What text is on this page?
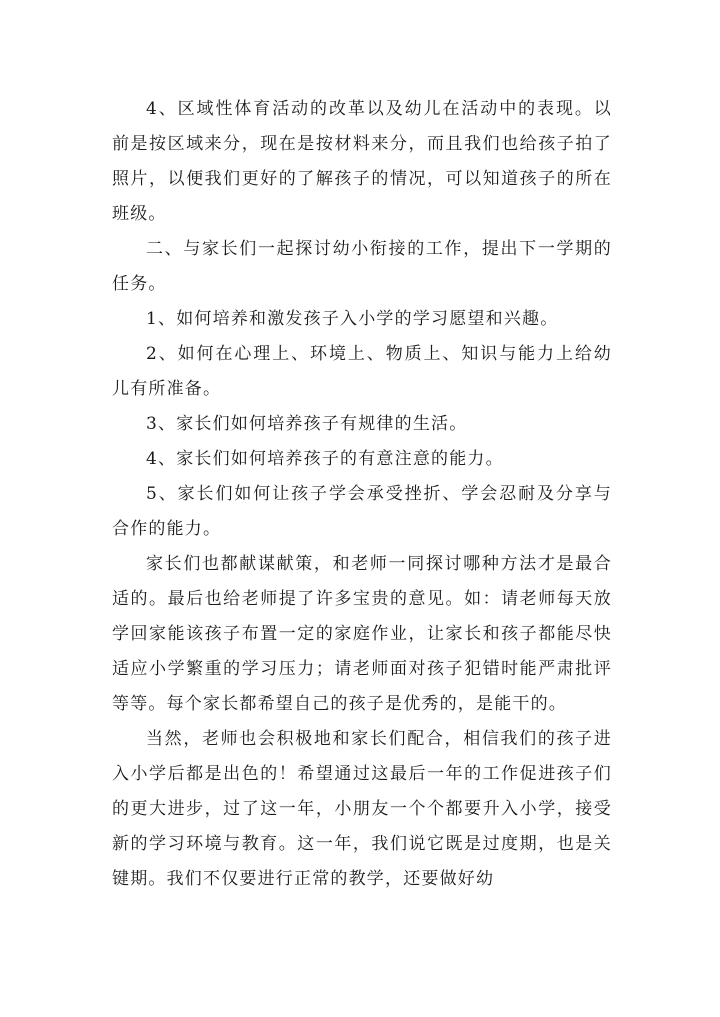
4、区域性体育活动的改革以及幼儿在活动中的表现。以前是按区域来分，现在是按材料来分，而且我们也给孩子拍了照片，以便我们更好的了解孩子的情况，可以知道孩子的所在班级。

二、与家长们一起探讨幼小衔接的工作，提出下一学期的任务。

1、如何培养和激发孩子入小学的学习愿望和兴趣。

2、如何在心理上、环境上、物质上、知识与能力上给幼儿有所准备。

3、家长们如何培养孩子有规律的生活。

4、家长们如何培养孩子的有意注意的能力。

5、家长们如何让孩子学会承受挫折、学会忍耐及分享与合作的能力。

家长们也都献谋献策，和老师一同探讨哪种方法才是最合适的。最后也给老师提了许多宝贵的意见。如：请老师每天放学回家能该孩子布置一定的家庭作业，让家长和孩子都能尽快适应小学繁重的学习压力；请老师面对孩子犯错时能严肃批评等等。每个家长都希望自己的孩子是优秀的，是能干的。

当然，老师也会积极地和家长们配合，相信我们的孩子进入小学后都是出色的！希望通过这最后一年的工作促进孩子们的更大进步，过了这一年，小朋友一个个都要升入小学，接受新的学习环境与教育。这一年，我们说它既是过度期，也是关键期。我们不仅要进行正常的教学，还要做好幼
